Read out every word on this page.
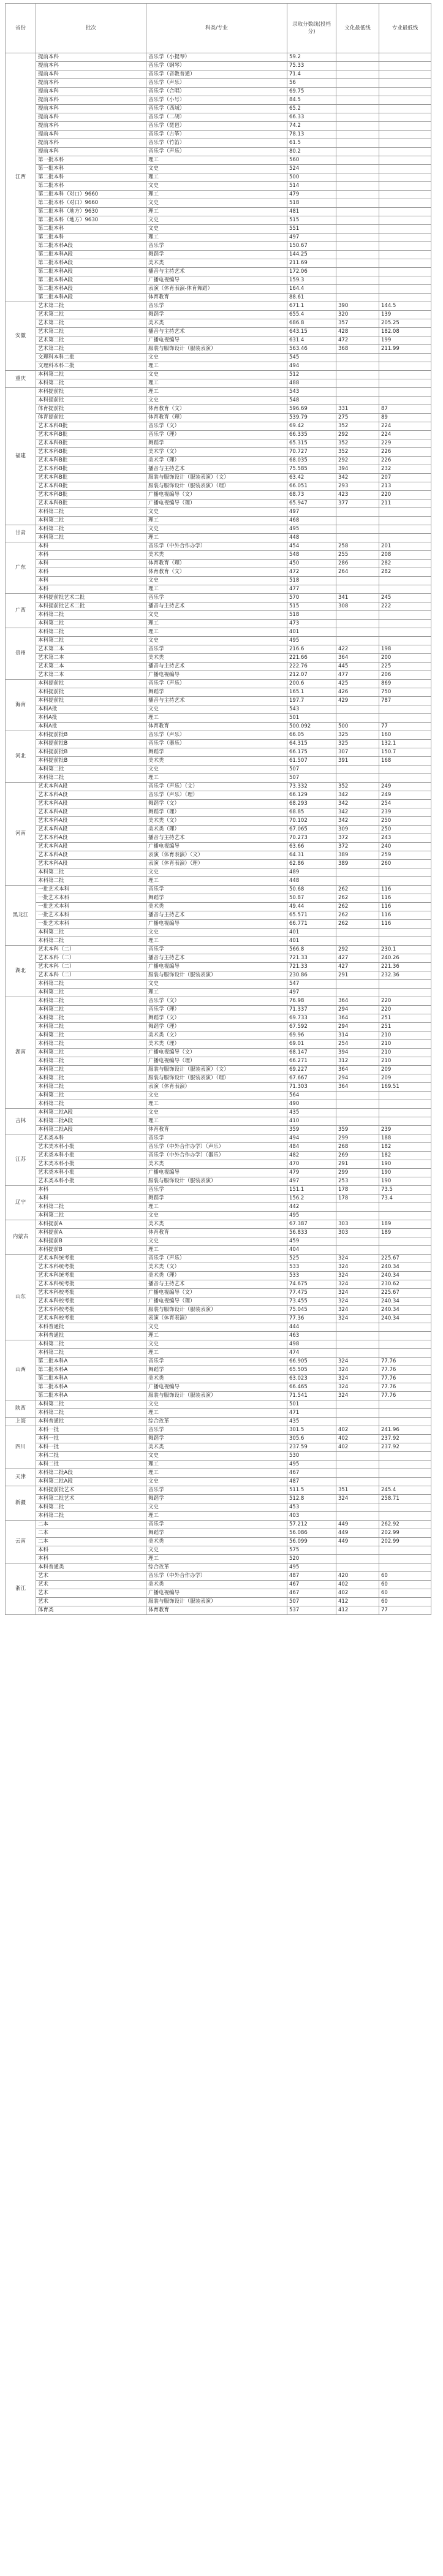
省份	批次	科类/专业	录取分数线(投档分)	文化最低线	专业最低线
江西	提前本科	音乐学（小提琴）	59.2		
	提前本科	音乐学（钢琴）	75.33		
	提前本科	音乐学（音教普通）	71.4		
	提前本科	音乐学（声乐）	56		
	提前本科	音乐学（合唱）	69.75		
	提前本科	音乐学（小号）	84.5		
	提前本科	音乐学（西域）	65.2		
	提前本科	音乐学（二胡）	66.33		
	提前本科	音乐学（琵琶）	74.2		
	提前本科	音乐学（古筝）	78.13		
	提前本科	音乐学（竹笛）	61.5		
	提前本科	音乐学（声乐）	80.2		
	第一批本科	理工	560		
	第一批本科	文史	524		
	第二批本科	理工	500		
	第二批本科	文史	514		
	第二批本科（对口）9660	理工	479		
	第二批本科（对口）9660	文史	518		
	第二批本科（地方）9630	理工	481		
	第二批本科（地方）9630	文史	515		
	第二批本科	文史	551		
	第二批本科	理工	497		
	第二批本科A段	音乐学	150.67		
	第二批本科A段	舞蹈学	144.25		
	第二批本科A段	美术类	211.69		
	第二批本科A段	播音与主持艺术	172.06		
	第二批本科A段	广播电视编导	159.3		
	第二批本科A段	表演（体育表演-体育舞蹈）	164.4		
	第二批本科A段	体育教育	88.61		
安徽	艺术第二批	音乐学	671.1	390	144.5
	艺术第二批	舞蹈学	655.4	320	139
	艺术第二批	美术类	686.8	357	205.25
	艺术第二批	播音与主持艺术	643.15	428	182.08
	艺术第二批	广播电视编导	631.4	472	199
	艺术第二批	服装与服饰设计（服装表演）	563.46	368	211.99
	文理科本科二批	文史	545		
	文理科本科二批	理工	494		
重庆	本科第二批	文史	512		
	本科第二批	理工	488		
福建	本科提前批	理工	543		
	本科提前批	文史	548		
	体育提前批	体育教育（文）	596.69	331	87
	体育提前批	体育教育（理）	539.79	275	89
	艺术本科B批	音乐学（文）	69.42	352	224
	艺术本科B批	音乐学（理）	66.335	292	224
	艺术本科B批	舞蹈学	65.315	352	229
	艺术本科B批	美术学（文）	70.727	352	226
	艺术本科B批	美术学（理）	68.035	292	226
	艺术本科B批	播音与主持艺术	75.585	394	232
	艺术本科B批	服装与服饰设计（服装表演）（文）	63.42	342	207
	艺术本科B批	服装与服饰设计（服装表演）（理）	66.051	293	213
	艺术本科B批	广播电视编导（文）	68.73	423	220
	艺术本科B批	广播电视编导（理）	65.947	377	211
	本科第二批	文史	497		
	本科第二批	理工	468		
甘肃	本科第二批	文史	495		
	本科第二批	理工	448		
广东	本科	音乐学（中外合作办学）	454	258	201
	本科	美术类	548	255	208
	本科	体育教育（理）	450	286	282
	本科	体育教育（文）	472	264	282
	本科	文史	518		
	本科	理工	477		
广西	本科提前批艺术二批	音乐学	570	341	245
	本科提前批艺术二批	播音与主持艺术	515	308	222
	本科第二批	文史	518		
	本科第二批	理工	473		
贵州	本科第二批	理工	401		
	本科第二批	文史	495		
	艺术第二本	音乐学	216.6	422	198
	艺术第二本	美术类	221.66	364	200
	艺术第二本	播音与主持艺术	222.76	445	225
	艺术第二本	广播电视编导	212.07	477	206
海南	本科提前批	音乐学（声乐）	200.6	425	869
	本科提前批	舞蹈学	165.1	426	750
	本科提前批	播音与主持艺术	197.7	429	787
	本科A批	文史	543		
	本科A批	理工	501		
	本科A批	体育教育	500.092	500	77
河北	本科提前批B	音乐学（声乐）	66.05	325	160
	本科提前批B	音乐学（器乐）	64.315	325	132.1
	本科提前批B	舞蹈学	66.175	307	150.7
	本科提前批B	美术类	61.507	391	168
	本科第二批	文史	507		
	本科第二批	理工	507		
河南	艺术本科A段	音乐学（声乐）（文）	73.332	352	249
	艺术本科A段	音乐学（声乐）（理）	66.129	342	249
	艺术本科A段	舞蹈学（文）	68.293	342	254
	艺术本科A段	舞蹈学（理）	68.85	342	239
	艺术本科A段	美术类（文）	70.102	342	250
	艺术本科A段	美术类（理）	67.065	309	250
	艺术本科A段	播音与主持艺术	70.273	372	243
	艺术本科A段	广播电视编导	63.66	372	240
	艺术本科A段	表演（体育表演）（文）	64.31	389	259
	艺术本科A段	表演（体育表演）（理）	62.86	389	260
	本科第二批	文史	489		
	本科第二批	理工	448		
黑龙江	一批艺术本科	音乐学	50.68	262	116
	一批艺术本科	舞蹈学	50.87	262	116
	一批艺术本科	美术类	49.44	262	116
	一批艺术本科	播音与主持艺术	65.571	262	116
	一批艺术本科	广播电视编导	66.771	262	116
	本科第二批	文史	401		
	本科第二批	理工	401		
湖北	艺术本科（二）	音乐学	566.8	292	230.1
	艺术本科（二）	播音与主持艺术	721.33	427	240.26
	艺术本科（二）	广播电视编导	721.33	427	221.36
	艺术本科（二）	服装与服饰设计（服装表演）	230.86	291	232.36
	本科第二批	文史	547		
	本科第二批	理工	497		
湖南	本科第二批	音乐学（文）	76.98	364	220
	本科第二批	音乐学（理）	71.337	294	220
	本科第二批	舞蹈学（文）	69.733	364	251
	本科第二批	舞蹈学（理）	67.592	294	251
	本科第二批	美术类（文）	69.96	314	210
	本科第二批	美术类（理）	69.01	254	210
	本科第二批	广播电视编导（文）	68.147	394	210
	本科第二批	广播电视编导（理）	66.271	312	210
	本科第二批	服装与服饰设计（服装表演）（文）	69.227	364	209
	本科第二批	服装与服饰设计（服装表演）（理）	67.667	294	209
	本科第二批	表演（体育表演）	71.303	364	169.51
	本科第二批	文史	564		
	本科第二批	理工	490		
吉林	本科第二批A段	文史	435		
	本科第二批A段	理工	410		
	本科第二批A段	体育教育	359	359	239
江苏	艺术类本科	音乐学	494	299	188
	艺术类本科小批	音乐学（中外合作办学）（声乐）	484	268	182
	艺术类本科小批	音乐学（中外合作办学）（器乐）	482	269	182
	艺术类本科小批	美术类	470	291	190
	艺术类本科小批	广播电视编导	479	299	190
	艺术类本科小批	服装与服饰设计（服装表演）	497	253	190
辽宁	本科	音乐学	151.1	178	73.5
	本科	舞蹈学	156.2	178	73.4
	本科第二批	理工	442		
	本科第二批	文史	495		
内蒙古	本科提前A	美术类	67.387	303	189
	本科提前A	体育教育	56.833	303	189
	本科提前B	文史	459		
	本科提前B	理工	404		
山东	艺术本科统考批	音乐学（声乐）	525	324	225.67
	艺术本科统考批	美术类（文）	533	324	240.34
	艺术本科统考批	美术类（理）	533	324	240.34
	艺术本科统考批	播音与主持艺术	74.675	324	230.62
	艺术本科校考批	广播电视编导（文）	77.475	324	225.67
	艺术本科校考批	广播电视编导（理）	73.455	324	240.34
	艺术本科校考批	服装与服饰设计（服装表演）	75.045	324	240.34
	艺术本科校考批	表演（体育表演）	77.36	324	240.34
	本科普通批	文史	444		
	本科普通批	理工	463		
山西	本科第二批	文史	498		
	本科第二批	理工	474		
	第二批本科A	音乐学	66.905	324	77.76
	第二批本科A	舞蹈学	65.505	324	77.76
	第二批本科A	美术类	63.023	324	77.76
	第二批本科A	广播电视编导	66.465	324	77.76
	第二批本科A	服装与服饰设计（服装表演）	71.541	324	77.76
陕西	本科第二批	文史	501		
	本科第二批	理工	471		
上海	本科普通批	综合改革	435		
四川	本科一批	音乐学	301.5	402	241.96
	本科一批	舞蹈学	305.6	402	237.92
	本科一批	美术类	237.59	402	237.92
	本科二批	文史	530		
	本科二批	理工	495		
天津	本科第二批A段	理工	467		
	本科第二批A段	文史	487		
新疆	本科提前批艺术	音乐学	511.5	351	245.4
	本科第二批艺术	舞蹈学	512.8	324	258.71
	本科第二批	文史	453		
	本科第二批	理工	403		
云南	二本	音乐学	57.212	449	262.92
	二本	舞蹈学	56.086	449	202.99
	二本	美术类	56.099	449	202.99
	本科	文史	575		
	本科	理工	520		
浙江	本科普通类	综合改革	495		
	艺术	音乐学（中外合作办学）	487	420	60
	艺术	美术类	467	402	60
	艺术	广播电视编导	467	402	60
	艺术	服装与服饰设计（服装表演）	507	412	60
	体育类	体育教育	537	412	77
